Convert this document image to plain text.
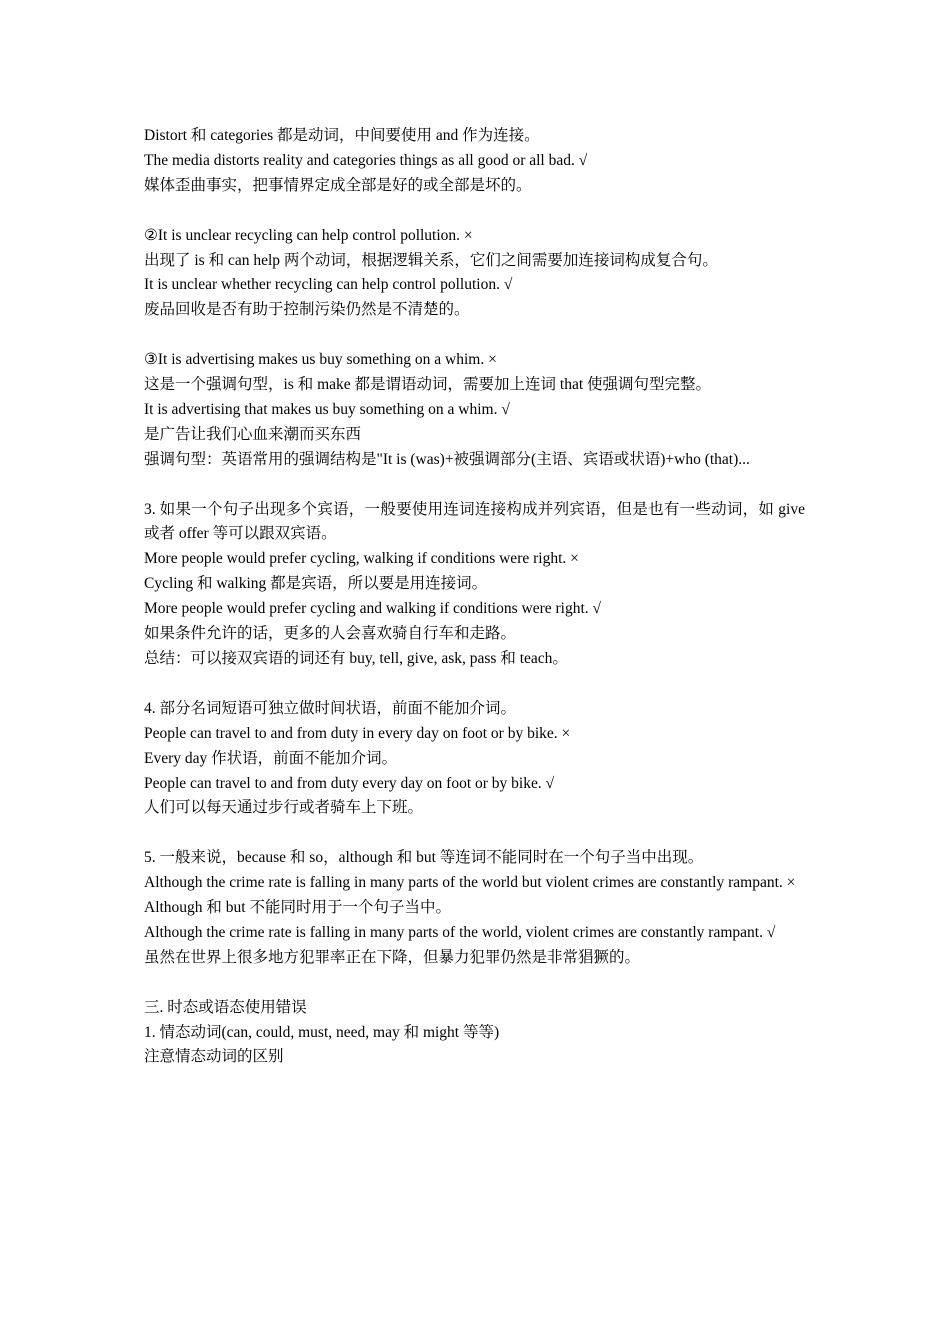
Distort 和 categories 都是动词，中间要使用 and 作为连接。
The media distorts reality and categories things as all good or all bad. √
媒体歪曲事实，把事情界定成全部是好的或全部是坏的。
②It is unclear recycling can help control pollution. ×
出现了 is 和 can help 两个动词，根据逻辑关系，它们之间需要加连接词构成复合句。
It is unclear whether recycling can help control pollution. √
废品回收是否有助于控制污染仍然是不清楚的。
③It is advertising makes us buy something on a whim. ×
这是一个强调句型，is 和 make 都是谓语动词，需要加上连词 that 使强调句型完整。
It is advertising that makes us buy something on a whim. √
是广告让我们心血来潮而买东西
强调句型：英语常用的强调结构是"It is (was)+被强调部分(主语、宾语或状语)+who (that)...
3. 如果一个句子出现多个宾语，一般要使用连词连接构成并列宾语，但是也有一些动词，如 give 或者 offer 等可以跟双宾语。
More people would prefer cycling, walking if conditions were right. ×
Cycling 和 walking 都是宾语，所以要是用连接词。
More people would prefer cycling and walking if conditions were right. √
如果条件允许的话，更多的人会喜欢骑自行车和走路。
总结：可以接双宾语的词还有 buy, tell, give, ask, pass 和 teach。
4. 部分名词短语可独立做时间状语，前面不能加介词。
People can travel to and from duty in every day on foot or by bike. ×
Every day 作状语，前面不能加介词。
People can travel to and from duty every day on foot or by bike. √
人们可以每天通过步行或者骑车上下班。
5. 一般来说，because 和 so，although 和 but 等连词不能同时在一个句子当中出现。
Although the crime rate is falling in many parts of the world but violent crimes are constantly rampant. ×
Although 和 but 不能同时用于一个句子当中。
Although the crime rate is falling in many parts of the world, violent crimes are constantly rampant. √
虽然在世界上很多地方犯罪率正在下降，但暴力犯罪仍然是非常猖獗的。
三. 时态或语态使用错误
1. 情态动词(can, could, must, need, may 和 might 等等)
注意情态动词的区别
